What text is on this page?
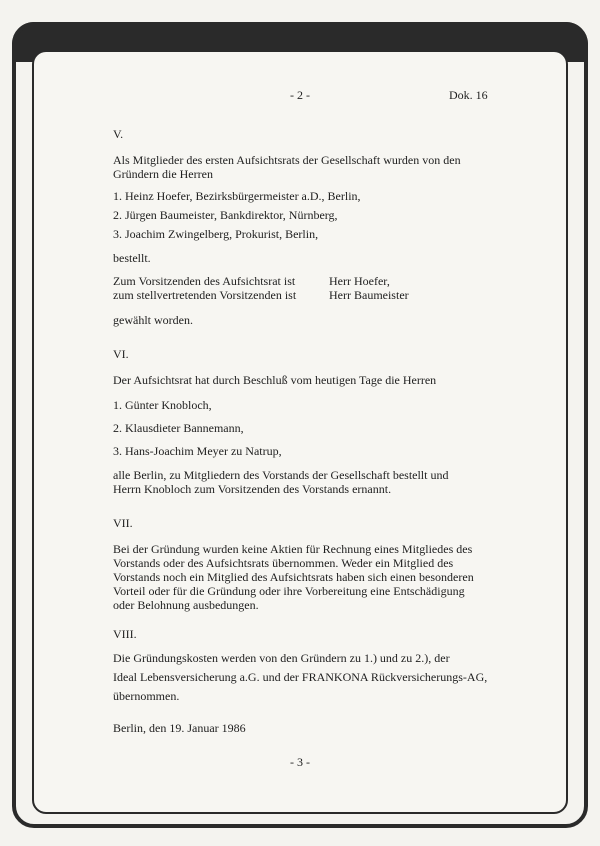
- 2 -	Dok. 16
V.
Als Mitglieder des ersten Aufsichtsrats der Gesellschaft wurden von den
Gründern die Herren
1. Heinz Hoefer, Bezirksbürgermeister a.D., Berlin,
2. Jürgen Baumeister, Bankdirektor, Nürnberg,
3. Joachim Zwingelberg, Prokurist, Berlin,
bestellt.
Zum Vorsitzenden des Aufsichtsrat ist	Herr Hoefer,
zum stellvertretenden Vorsitzenden ist	Herr Baumeister
gewählt worden.
VI.
Der Aufsichtsrat hat durch Beschluß vom heutigen Tage die Herren
1. Günter Knobloch,
2. Klausdieter Bannemann,
3. Hans-Joachim Meyer zu Natrup,
alle Berlin, zu Mitgliedern des Vorstands der Gesellschaft bestellt und
Herrn Knobloch zum Vorsitzenden des Vorstands ernannt.
VII.
Bei der Gründung wurden keine Aktien für Rechnung eines Mitgliedes des
Vorstands oder des Aufsichtsrats übernommen. Weder ein Mitglied des
Vorstands noch ein Mitglied des Aufsichtsrats haben sich einen besonderen
Vorteil oder für die Gründung oder ihre Vorbereitung eine Entschädigung
oder Belohnung ausbedungen.
VIII.
Die Gründungskosten werden von den Gründern zu 1.) und zu 2.), der
Ideal Lebensversicherung a.G. und der FRANKONA Rückversicherungs-AG,
übernommen.
Berlin, den 19. Januar 1986
- 3 -
